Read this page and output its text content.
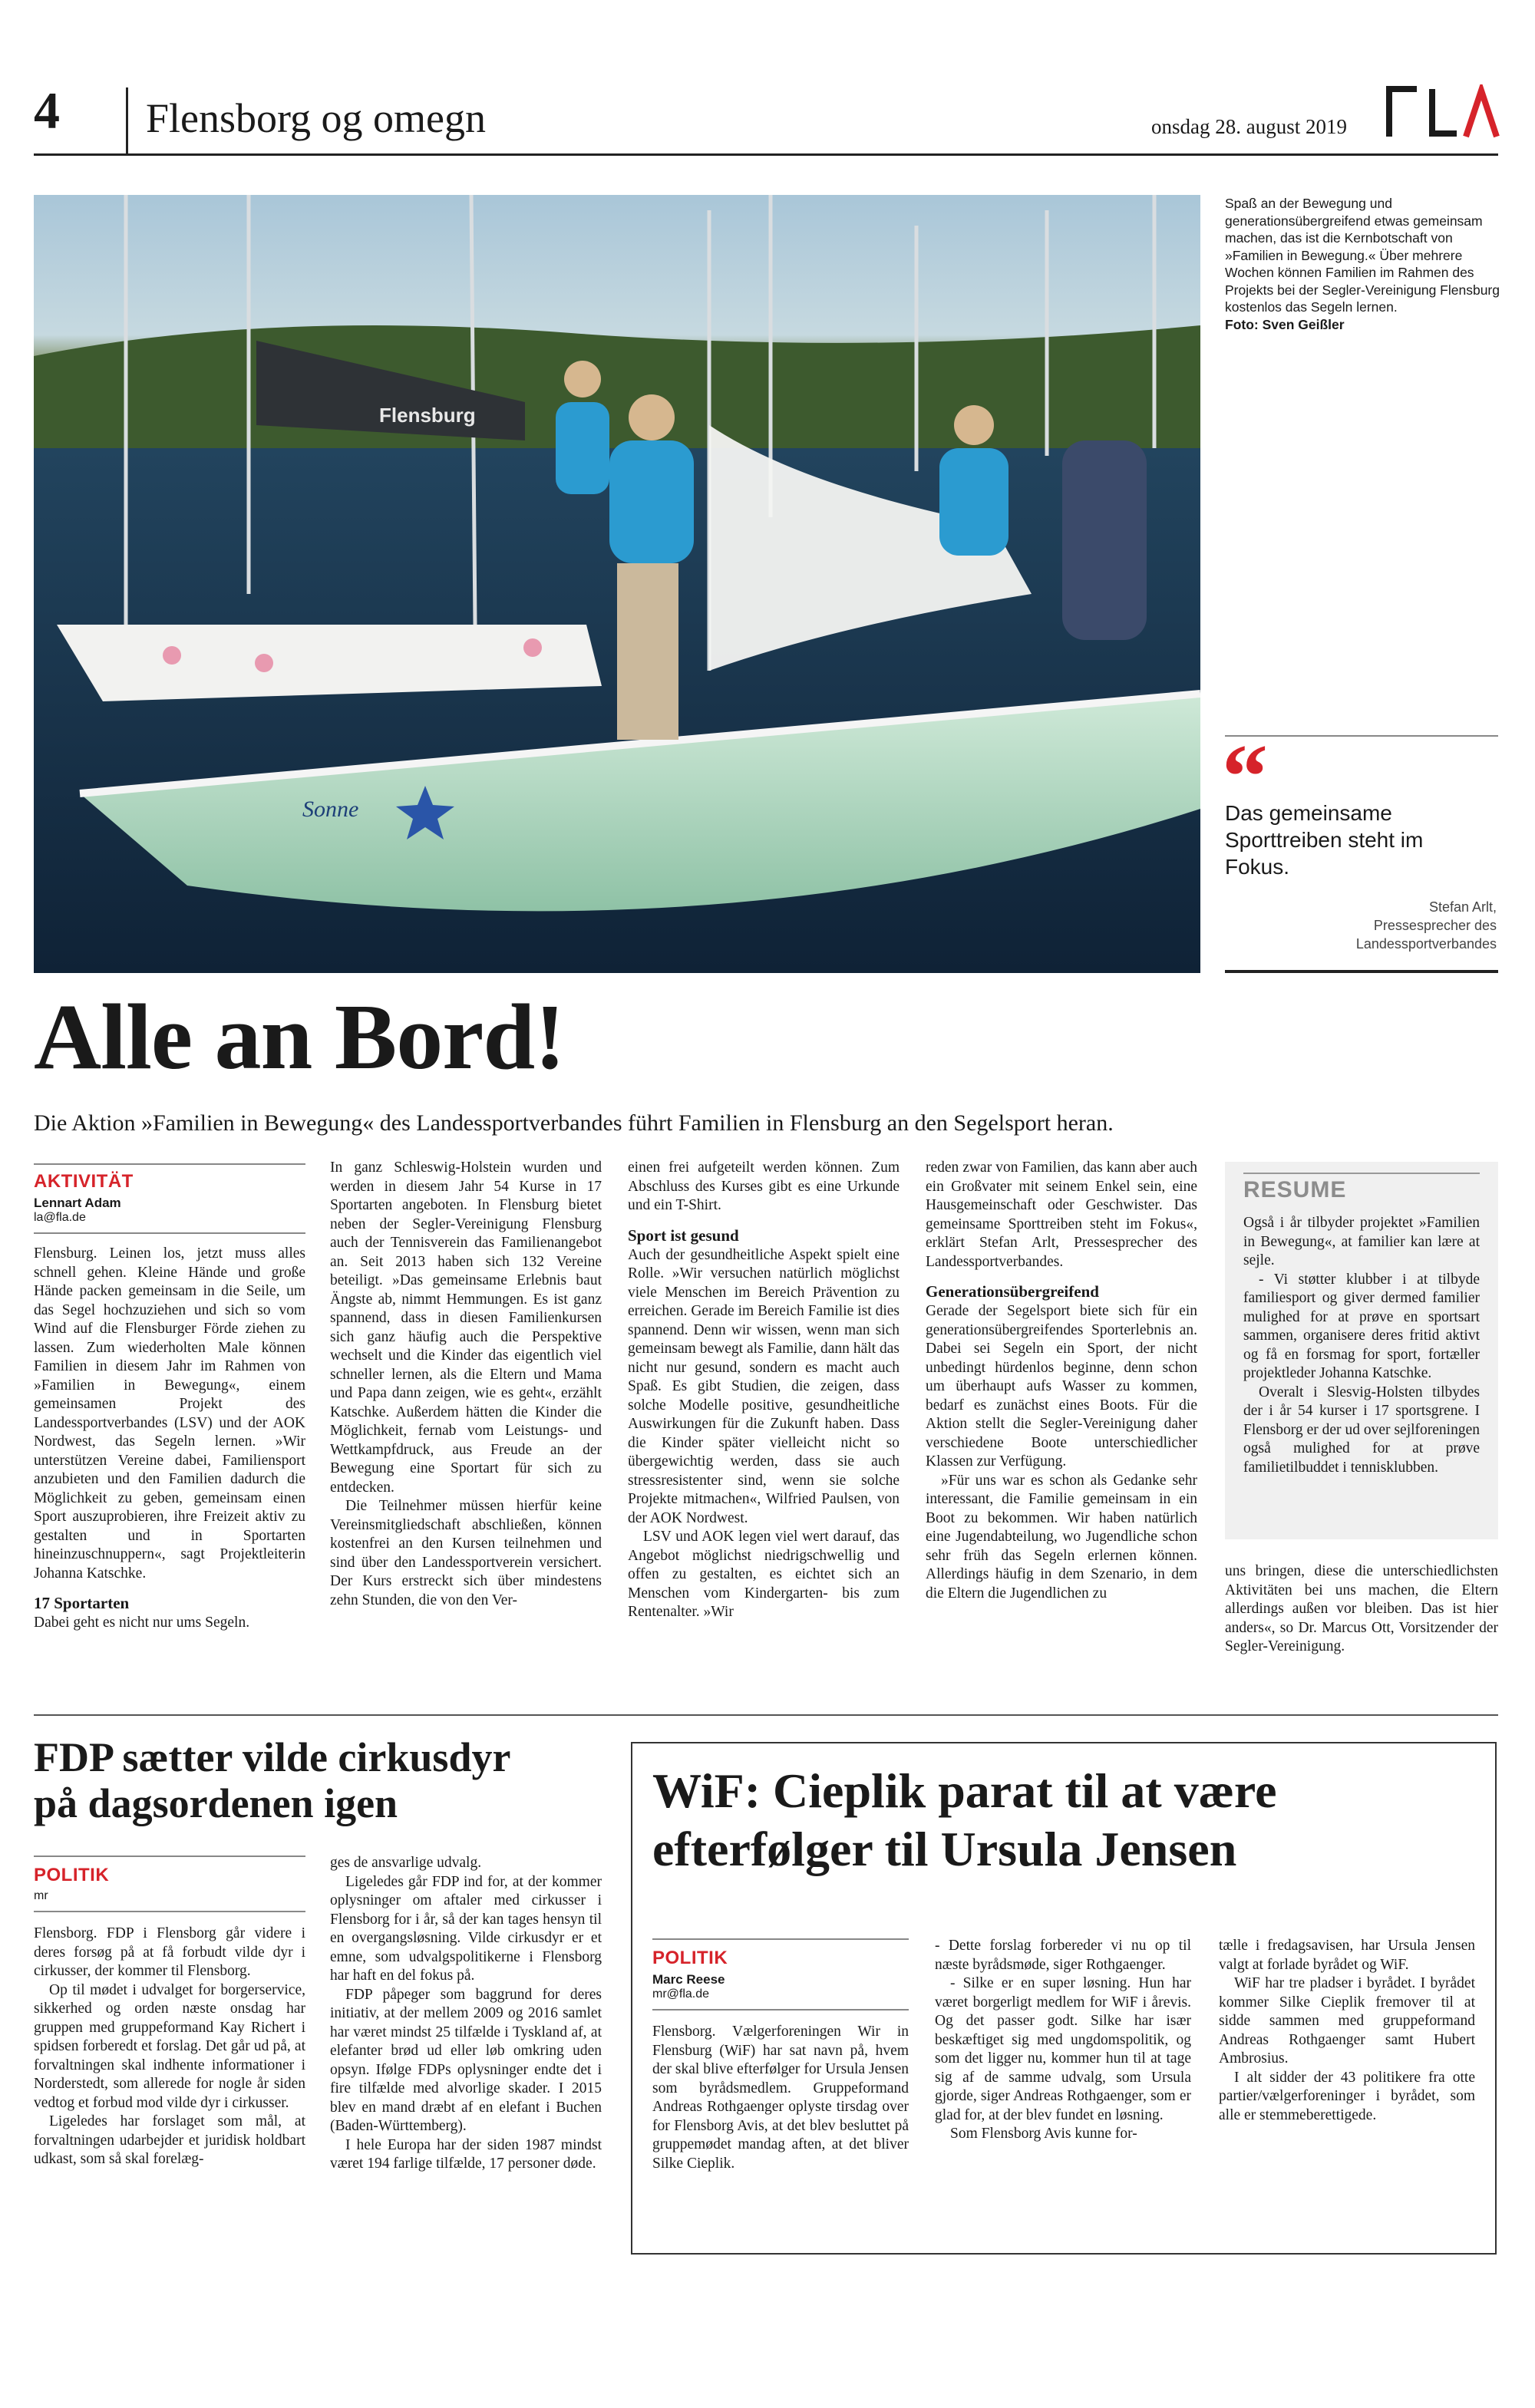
4 Flensborg og omegn	onsdag 28. august 2019
Flensburg
Sonne
Spaß an der Bewegung und generationsübergreifend etwas gemeinsam machen, das ist die Kernbotschaft von »Familien in Bewegung.« Über mehrere Wochen können Familien im Rahmen des Projekts bei der Segler-Vereinigung Flensburg kostenlos das Segeln lernen.
Foto: Sven Geißler
“
Das gemeinsame Sporttreiben steht im Fokus.
Stefan Arlt,
Pressesprecher des
Landessportverbandes
Alle an Bord!
Die Aktion »Familien in Bewegung« des Landessportverbandes führt Familien in Flensburg an den Segelsport heran.
AKTIVITÄT
Lennart Adam
la@fla.de

Flensburg. Leinen los, jetzt muss alles schnell gehen. Kleine Hände und große Hände packen gemeinsam in die Seile, um das Segel hochzuziehen und sich so vom Wind auf die Flensburger Förde ziehen zu lassen. Zum wiederholten Male können Familien in diesem Jahr im Rahmen von »Familien in Bewegung«, einem gemeinsamen Projekt des Landessportverbandes (LSV) und der AOK Nordwest, das Segeln lernen. »Wir unterstützen Vereine dabei, Familiensport anzubieten und den Familien dadurch die Möglichkeit zu geben, gemeinsam einen Sport auszuprobieren, ihre Freizeit aktiv zu gestalten und in Sportarten hineinzuschnuppern«, sagt Projektleiterin Johanna Katschke.

17 Sportarten

Dabei geht es nicht nur ums Segeln.

In ganz Schleswig-Holstein wurden und werden in diesem Jahr 54 Kurse in 17 Sportarten angeboten. In Flensburg bietet neben der Segler-Vereinigung Flensburg auch der Tennisverein das Familienangebot an. Seit 2013 haben sich 132 Vereine beteiligt. »Das gemeinsame Erlebnis baut Ängste ab, nimmt Hemmungen. Es ist ganz spannend, dass in diesen Familienkursen sich ganz häufig auch die Perspektive wechselt und die Kinder das eigentlich viel schneller lernen, als die Eltern und Mama und Papa dann zeigen, wie es geht«, erzählt Katschke. Außerdem hätten die Kinder die Möglichkeit, fernab vom Leistungs- und Wettkampfdruck, aus Freude an der Bewegung eine Sportart für sich zu entdecken.

Die Teilnehmer müssen hierfür keine Vereinsmitgliedschaft abschließen, können kostenfrei an den Kursen teilnehmen und sind über den Landessportverein versichert. Der Kurs erstreckt sich über mindestens zehn Stunden, die von den Ver-

einen frei aufgeteilt werden können. Zum Abschluss des Kurses gibt es eine Urkunde und ein T-Shirt.

Sport ist gesund

Auch der gesundheitliche Aspekt spielt eine Rolle. »Wir versuchen natürlich möglichst viele Menschen im Bereich Prävention zu erreichen. Gerade im Bereich Familie ist dies spannend. Denn wir wissen, wenn man sich gemeinsam bewegt als Familie, dann hält das nicht nur gesund, sondern es macht auch Spaß. Es gibt Studien, die zeigen, dass solche Modelle positive, gesundheitliche Auswirkungen für die Zukunft haben. Dass die Kinder später vielleicht nicht so übergewichtig werden, dass sie auch stressresistenter sind, wenn sie solche Projekte mitmachen«, Wilfried Paulsen, von der AOK Nordwest.

LSV und AOK legen viel wert darauf, das Angebot möglichst niedrigschwellig und offen zu gestalten, es eichtet sich an Menschen vom Kindergarten- bis zum Rentenalter. »Wir

reden zwar von Familien, das kann aber auch ein Großvater mit seinem Enkel sein, eine Hausgemeinschaft oder Geschwister. Das gemeinsame Sporttreiben steht im Fokus«, erklärt Stefan Arlt, Pressesprecher des Landessportverbandes.

Generationsübergreifend

Gerade der Segelsport biete sich für ein generationsübergreifendes Sporterlebnis an. Dabei sei Segeln ein Sport, der nicht unbedingt hürdenlos beginne, denn schon um überhaupt aufs Wasser zu kommen, bedarf es zunächst eines Boots. Für die Aktion stellt die Segler-Vereinigung daher verschiedene Boote unterschiedlicher Klassen zur Verfügung.

»Für uns war es schon als Gedanke sehr interessant, die Familie gemeinsam in ein Boot zu bekommen. Wir haben natürlich eine Jugendabteilung, wo Jugendliche schon sehr früh das Segeln erlernen können. Allerdings häufig in dem Szenario, in dem die Eltern die Jugendlichen zu

RESUME

Også i år tilbyder projektet »Familien in Bewegung«, at familier kan lære at sejle.

- Vi støtter klubber i at tilbyde familiesport og giver dermed familier mulighed for at prøve en sportsart sammen, organisere deres fritid aktivt og få en forsmag for sport, fortæller projektleder Johanna Katschke.

Overalt i Slesvig-Holsten tilbydes der i år 54 kurser i 17 sportsgrene. I Flensborg er der ud over sejlforeningen også mulighed for at prøve familietilbuddet i tennisklubben.

uns bringen, diese die unterschiedlichsten Aktivitäten bei uns machen, die Eltern allerdings außen vor bleiben. Das ist hier anders«, so Dr. Marcus Ott, Vorsitzender der Segler-Vereinigung.

FDP sætter vilde cirkusdyr
på dagsordenen igen
POLITIK
mr

Flensborg. FDP i Flensborg går videre i deres forsøg på at få forbudt vilde dyr i cirkusser, der kommer til Flensborg.

Op til mødet i udvalget for borgerservice, sikkerhed og orden næste onsdag har gruppen med gruppeformand Kay Richert i spidsen forberedt et forslag. Det går ud på, at forvaltningen skal indhente informationer i Norderstedt, som allerede for nogle år siden vedtog et forbud mod vilde dyr i cirkusser.

Ligeledes har forslaget som mål, at forvaltningen udarbejder et juridisk holdbart udkast, som så skal forelæg-

ges de ansvarlige udvalg.

Ligeledes går FDP ind for, at der kommer oplysninger om aftaler med cirkusser i Flensborg for i år, så der kan tages hensyn til en overgangsløsning. Vilde cirkusdyr er et emne, som udvalgspolitikerne i Flensborg har haft en del fokus på.

FDP påpeger som baggrund for deres initiativ, at der mellem 2009 og 2016 samlet har været mindst 25 tilfælde i Tyskland af, at elefanter brød ud eller løb omkring uden opsyn. Ifølge FDPs oplysninger endte det i fire tilfælde med alvorlige skader. I 2015 blev en mand dræbt af en elefant i Buchen (Baden-Württemberg).

I hele Europa har der siden 1987 mindst været 194 farlige tilfælde, 17 personer døde.

WiF: Cieplik parat til at være
efterfølger til Ursula Jensen
POLITIK
Marc Reese
mr@fla.de

Flensborg. Vælgerforeningen Wir in Flensburg (WiF) har sat navn på, hvem der skal blive efterfølger for Ursula Jensen som byrådsmedlem. Gruppeformand Andreas Rothgaenger oplyste tirsdag over for Flensborg Avis, at det blev besluttet på gruppemødet mandag aften, at det bliver Silke Cieplik.

- Dette forslag forbereder vi nu op til næste byrådsmøde, siger Rothgaenger.

- Silke er en super løsning. Hun har været borgerligt medlem for WiF i årevis. Og det passer godt. Silke har især beskæftiget sig med ungdomspolitik, og som det ligger nu, kommer hun til at tage sig af de samme udvalg, som Ursula gjorde, siger Andreas Rothgaenger, som er glad for, at der blev fundet en løsning.

Som Flensborg Avis kunne for-

tælle i fredagsavisen, har Ursula Jensen valgt at forlade byrådet og WiF.

WiF har tre pladser i byrådet. I byrådet kommer Silke Cieplik fremover til at sidde sammen med gruppeformand Andreas Rothgaenger samt Hubert Ambrosius.

I alt sidder der 43 politikere fra otte partier/vælgerforeninger i byrådet, som alle er stemmeberettigede.
